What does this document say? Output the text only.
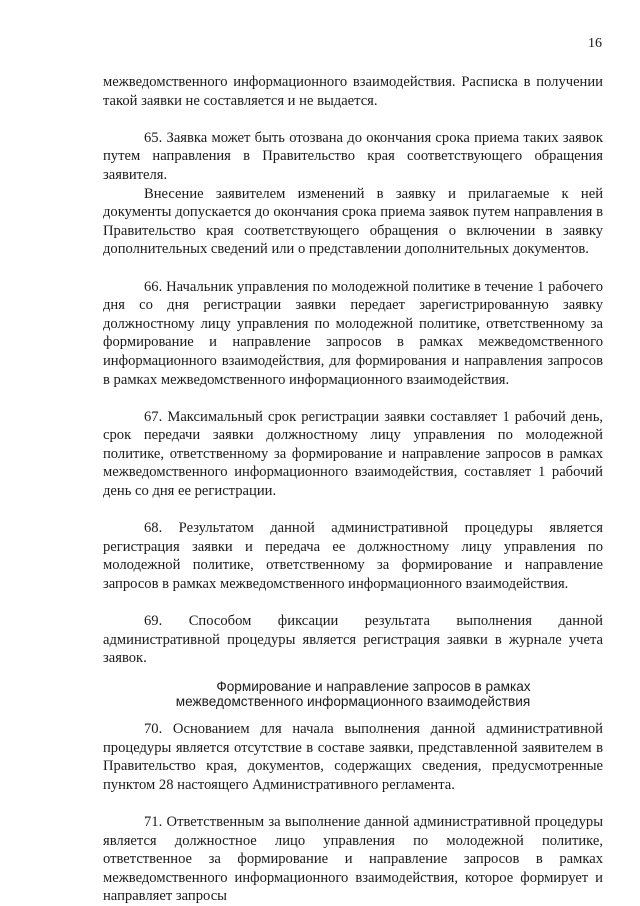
16

межведомственного информационного взаимодействия. Расписка в получении такой заявки не составляется и не выдается.

65. Заявка может быть отозвана до окончания срока приема таких заявок путем направления в Правительство края соответствующего обращения заявителя.

Внесение заявителем изменений в заявку и прилагаемые к ней документы допускается до окончания срока приема заявок путем направления в Правительство края соответствующего обращения о включении в заявку дополнительных сведений или о представлении дополнительных документов.

66. Начальник управления по молодежной политике в течение 1 рабочего дня со дня регистрации заявки передает зарегистрированную заявку должностному лицу управления по молодежной политике, ответственному за формирование и направление запросов в рамках межведомственного информационного взаимодействия, для формирования и направления запросов в рамках межведомственного информационного взаимодействия.

67. Максимальный срок регистрации заявки составляет 1 рабочий день, срок передачи заявки должностному лицу управления по молодежной политике, ответственному за формирование и направление запросов в рамках межведомственного информационного взаимодействия, составляет 1 рабочий день со дня ее регистрации.

68. Результатом данной административной процедуры является регистрация заявки и передача ее должностному лицу управления по молодежной политике, ответственному за формирование и направление запросов в рамках межведомственного информационного взаимодействия.

69. Способом фиксации результата выполнения данной административной процедуры является регистрация заявки в журнале учета заявок.

Формирование и направление запросов в рамках межведомственного информационного взаимодействия

70. Основанием для начала выполнения данной административной процедуры является отсутствие в составе заявки, представленной заявителем в Правительство края, документов, содержащих сведения, предусмотренные пунктом 28 настоящего Административного регламента.

71. Ответственным за выполнение данной административной процедуры является должностное лицо управления по молодежной политике, ответственное за формирование и направление запросов в рамках межведомственного информационного взаимодействия, которое формирует и направляет запросы
